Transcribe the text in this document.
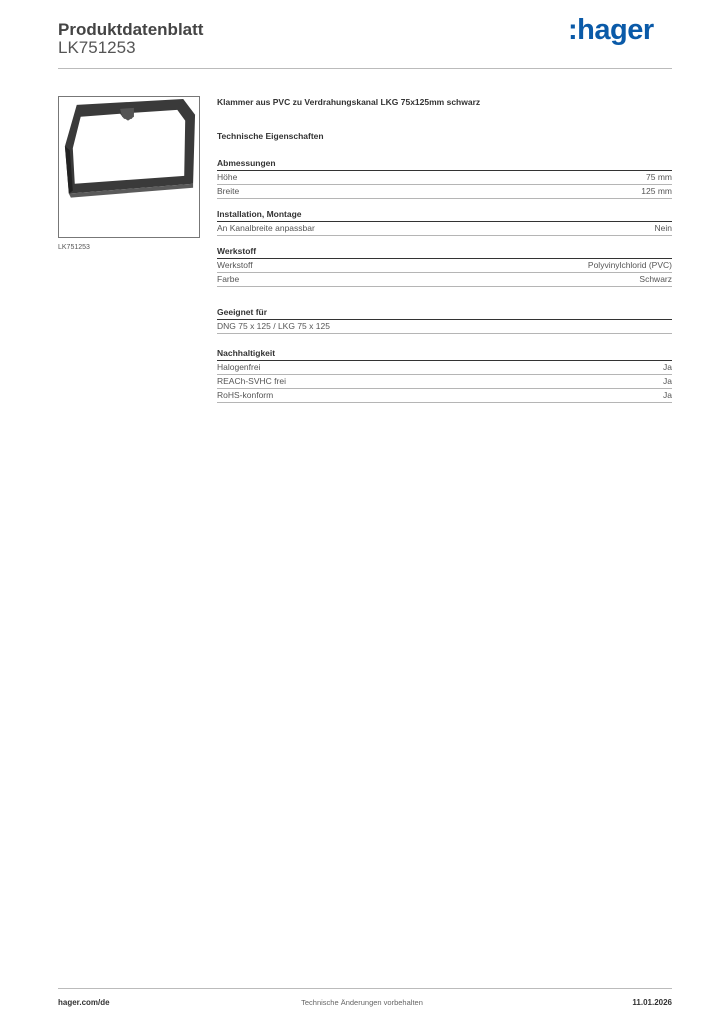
Produktdatenblatt
LK751253
:hager
LK751253
Klammer aus PVC zu Verdrahungskanal LKG 75x125mm schwarz
Technische Eigenschaften
Abmessungen
Höhe	75 mm
Breite	125 mm
Installation, Montage
An Kanalbreite anpassbar	Nein
Werkstoff
Werkstoff	Polyvinylchlorid (PVC)
Farbe	Schwarz
Geeignet für
DNG 75 x 125 / LKG 75 x 125
Nachhaltigkeit
Halogenfrei	Ja
REACh-SVHC frei	Ja
RoHS-konform	Ja
hager.com/de	Technische Änderungen vorbehalten	11.01.2026
